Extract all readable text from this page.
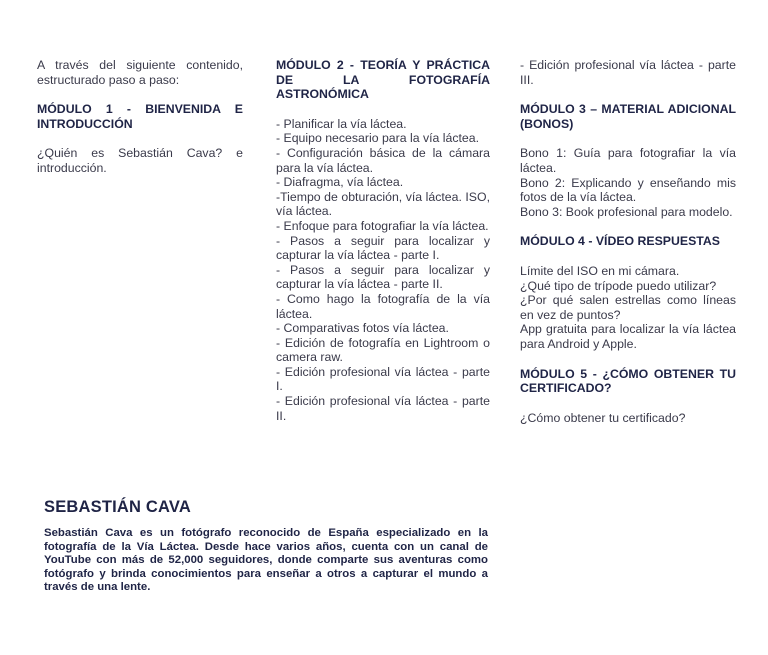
A través del siguiente contenido, estructurado paso a paso:

MÓDULO 1 - BIENVENIDA E INTRODUCCIÓN

¿Quién es Sebastián Cava? e introducción.

MÓDULO 2 - TEORÍA Y PRÁCTICA DE LA FOTOGRAFÍA ASTRONÓMICA

- Planificar la vía láctea.
- Equipo necesario para la vía láctea.
- Configuración básica de la cámara para la vía láctea.
- Diafragma, vía láctea.
-Tiempo de obturación, vía láctea. ISO, vía láctea.
- Enfoque para fotografiar la vía láctea.
- Pasos a seguir para localizar y capturar la vía láctea - parte I.
- Pasos a seguir para localizar y capturar la vía láctea - parte II.
- Como hago la fotografía de la vía láctea.
- Comparativas fotos vía láctea.
- Edición de fotografía en Lightroom o camera raw.
- Edición profesional vía láctea - parte I.
- Edición profesional vía láctea - parte II.
- Edición profesional vía láctea - parte III.

MÓDULO 3 – MATERIAL ADICIONAL (BONOS)

Bono 1: Guía para fotografiar la vía láctea.
Bono 2: Explicando y enseñando mis fotos de la vía láctea.
Bono 3: Book profesional para modelo.

MÓDULO 4 - VÍDEO RESPUESTAS

Límite del ISO en mi cámara.
¿Qué tipo de trípode puedo utilizar?
¿Por qué salen estrellas como líneas en vez de puntos?
App gratuita para localizar la vía láctea para Android y Apple.

MÓDULO 5 - ¿CÓMO OBTENER TU CERTIFICADO?

¿Cómo obtener tu certificado?

SEBASTIÁN CAVA

Sebastián Cava es un fotógrafo reconocido de España especializado en la fotografía de la Vía Láctea. Desde hace varios años, cuenta con un canal de YouTube con más de 52,000 seguidores, donde comparte sus aventuras como fotógrafo y brinda conocimientos para enseñar a otros a capturar el mundo a través de una lente.
